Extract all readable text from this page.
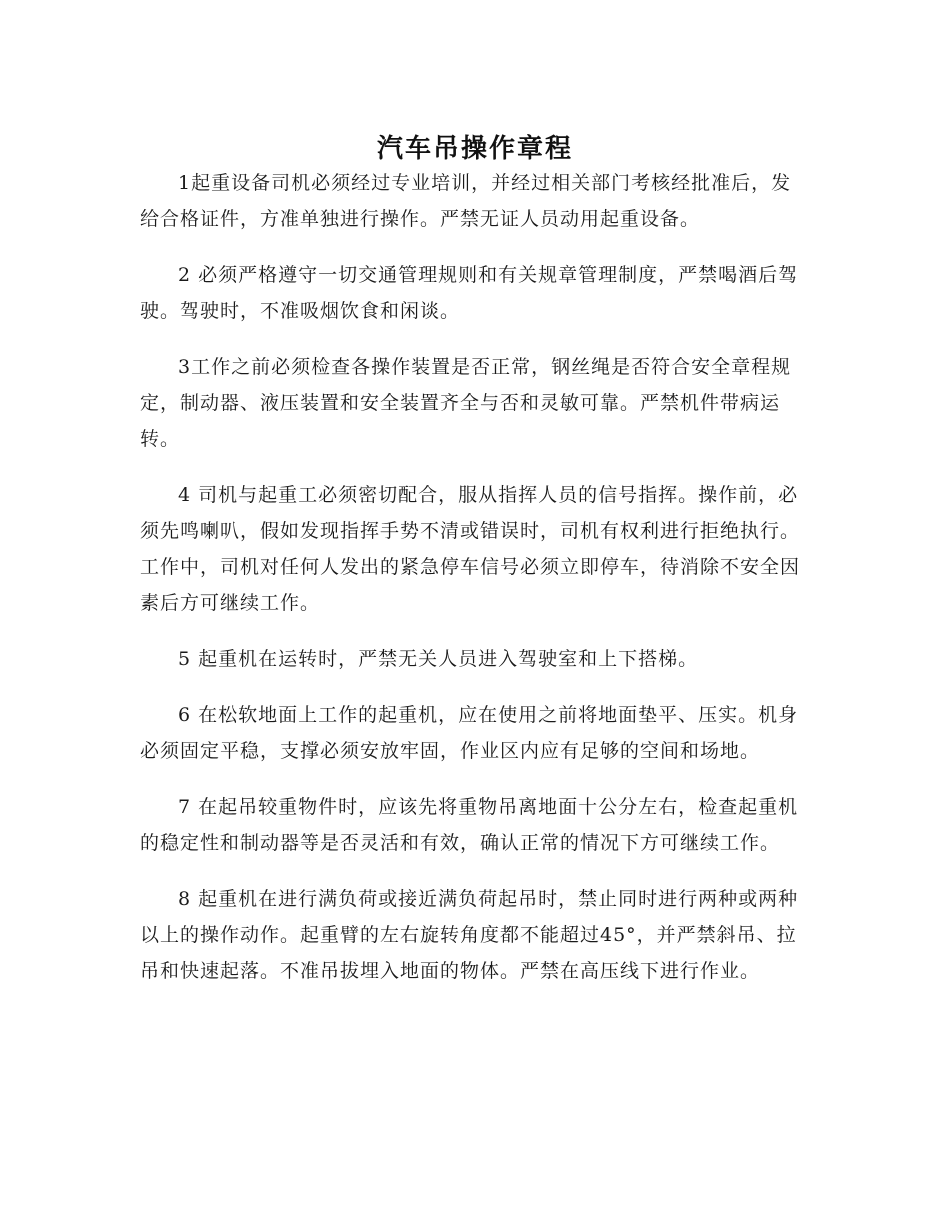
汽车吊操作章程

1起重设备司机必须经过专业培训，并经过相关部门考核经批准后，发给合格证件，方准单独进行操作。严禁无证人员动用起重设备。

2 必须严格遵守一切交通管理规则和有关规章管理制度，严禁喝酒后驾驶。驾驶时，不准吸烟饮食和闲谈。

3工作之前必须检查各操作装置是否正常，钢丝绳是否符合安全章程规定，制动器、液压装置和安全装置齐全与否和灵敏可靠。严禁机件带病运转。

4 司机与起重工必须密切配合，服从指挥人员的信号指挥。操作前，必须先鸣喇叭，假如发现指挥手势不清或错误时，司机有权利进行拒绝执行。工作中，司机对任何人发出的紧急停车信号必须立即停车，待消除不安全因素后方可继续工作。

5 起重机在运转时，严禁无关人员进入驾驶室和上下搭梯。

6 在松软地面上工作的起重机，应在使用之前将地面垫平、压实。机身必须固定平稳，支撑必须安放牢固，作业区内应有足够的空间和场地。

7 在起吊较重物件时，应该先将重物吊离地面十公分左右，检查起重机的稳定性和制动器等是否灵活和有效，确认正常的情况下方可继续工作。

8 起重机在进行满负荷或接近满负荷起吊时，禁止同时进行两种或两种以上的操作动作。起重臂的左右旋转角度都不能超过45°，并严禁斜吊、拉吊和快速起落。不准吊拔埋入地面的物体。严禁在高压线下进行作业。
